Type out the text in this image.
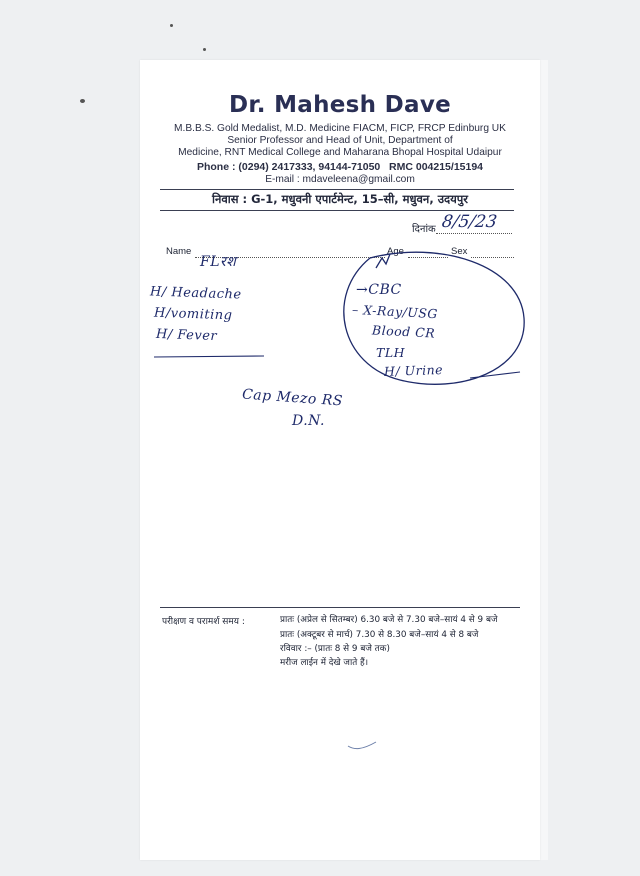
Dr. Mahesh Dave
M.B.B.S. Gold Medalist, M.D. Medicine FIACM, FICP, FRCP Edinburg UK
Senior Professor and Head of Unit, Department of
Medicine, RNT Medical College and Maharana Bhopal Hospital Udaipur
Phone : (0294) 2417333, 94144-71050 RMC 004215/15194
E-mail : mdaveleena@gmail.com
निवास : G-1, मधुवनी एपार्टमेन्ट, 15–सी, मधुवन, उदयपुर
दिनांक 8/5/23
Name	Age	Sex
FLरश
H/ Headache
H/vomiting
H/ Fever
→CBC
– X-Ray/USG
Blood CR
TLH
H/ Urine
Cap Mezo RS
D.N.
परीक्षण व परामर्श समय :	प्रातः (अप्रेल से सितम्बर) 6.30 बजे से 7.30 बजे–सायं 4 से 9 बजे
प्रातः (अक्टूबर से मार्च) 7.30 से 8.30 बजे–सायं 4 से 8 बजे
रविवार :– (प्रातः 8 से 9 बजे तक)
मरीज लाईन में देखे जाते हैं।
